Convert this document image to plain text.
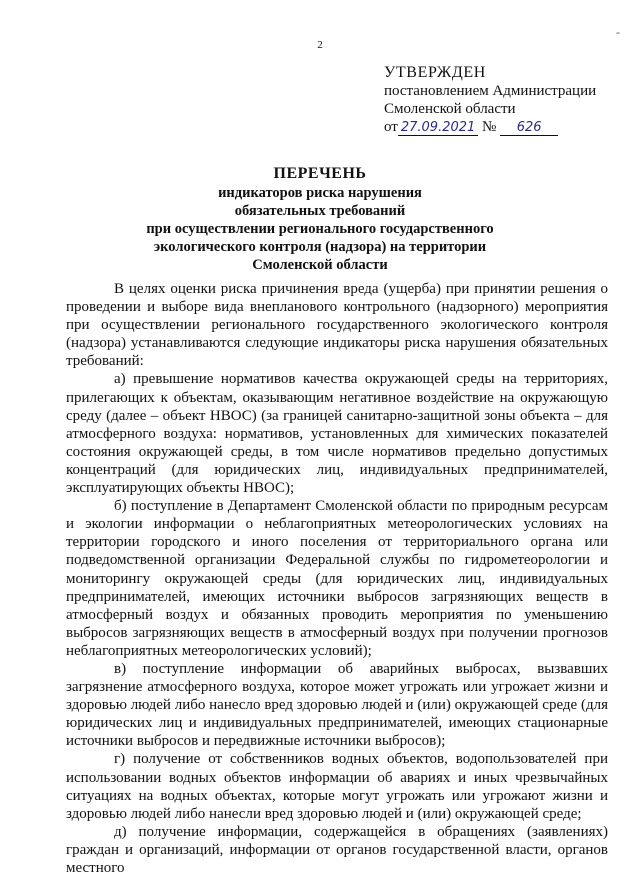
2
-
УТВЕРЖДЕН
постановлением Администрации
Смоленской области
от 27.09.2021 № 626
ПЕРЕЧЕНЬ
индикаторов риска нарушения
обязательных требований
при осуществлении регионального государственного
экологического контроля (надзора) на территории
Смоленской области

В целях оценки риска причинения вреда (ущерба) при принятии решения о проведении и выборе вида внепланового контрольного (надзорного) мероприятия при осуществлении регионального государственного экологического контроля (надзора) устанавливаются следующие индикаторы риска нарушения обязательных требований:

а) превышение нормативов качества окружающей среды на территориях, прилегающих к объектам, оказывающим негативное воздействие на окружающую среду (далее – объект НВОС) (за границей санитарно-защитной зоны объекта – для атмосферного воздуха: нормативов, установленных для химических показателей состояния окружающей среды, в том числе нормативов предельно допустимых концентраций (для юридических лиц, индивидуальных предпринимателей, эксплуатирующих объекты НВОС);

б) поступление в Департамент Смоленской области по природным ресурсам и экологии информации о неблагоприятных метеорологических условиях на территории городского и иного поселения от территориального органа или подведомственной организации Федеральной службы по гидрометеорологии и мониторингу окружающей среды (для юридических лиц, индивидуальных предпринимателей, имеющих источники выбросов загрязняющих веществ в атмосферный воздух и обязанных проводить мероприятия по уменьшению выбросов загрязняющих веществ в атмосферный воздух при получении прогнозов неблагоприятных метеорологических условий);

в) поступление информации об аварийных выбросах, вызвавших загрязнение атмосферного воздуха, которое может угрожать или угрожает жизни и здоровью людей либо нанесло вред здоровью людей и (или) окружающей среде (для юридических лиц и индивидуальных предпринимателей, имеющих стационарные источники выбросов и передвижные источники выбросов);

г) получение от собственников водных объектов, водопользователей при использовании водных объектов информации об авариях и иных чрезвычайных ситуациях на водных объектах, которые могут угрожать или угрожают жизни и здоровью людей либо нанесли вред здоровью людей и (или) окружающей среде;

д) получение информации, содержащейся в обращениях (заявлениях) граждан и организаций, информации от органов государственной власти, органов местного
